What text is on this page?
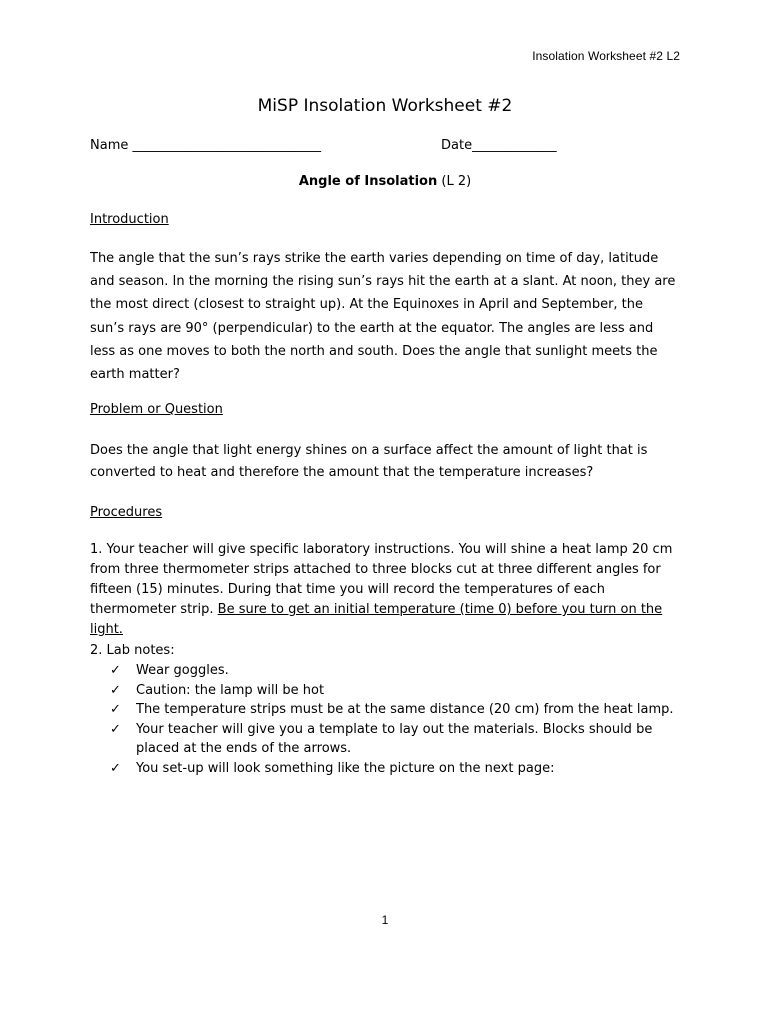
Insolation Worksheet #2 L2
MiSP Insolation Worksheet #2
Name _____________________________	Date_____________
Angle of Insolation (L 2)
Introduction
The angle that the sun’s rays strike the earth varies depending on time of day, latitude and season. In the morning the rising sun’s rays hit the earth at a slant. At noon, they are the most direct (closest to straight up). At the Equinoxes in April and September, the sun’s rays are 90° (perpendicular) to the earth at the equator. The angles are less and less as one moves to both the north and south. Does the angle that sunlight meets the earth matter?
Problem or Question
Does the angle that light energy shines on a surface affect the amount of light that is converted to heat and therefore the amount that the temperature increases?
Procedures
1. Your teacher will give specific laboratory instructions. You will shine a heat lamp 20 cm from three thermometer strips attached to three blocks cut at three different angles for fifteen (15) minutes. During that time you will record the temperatures of each thermometer strip. Be sure to get an initial temperature (time 0) before you turn on the light.
2. Lab notes:
✓ Wear goggles.
✓ Caution: the lamp will be hot
✓ The temperature strips must be at the same distance (20 cm) from the heat lamp.
✓ Your teacher will give you a template to lay out the materials. Blocks should be placed at the ends of the arrows.
✓ You set-up will look something like the picture on the next page:
1
